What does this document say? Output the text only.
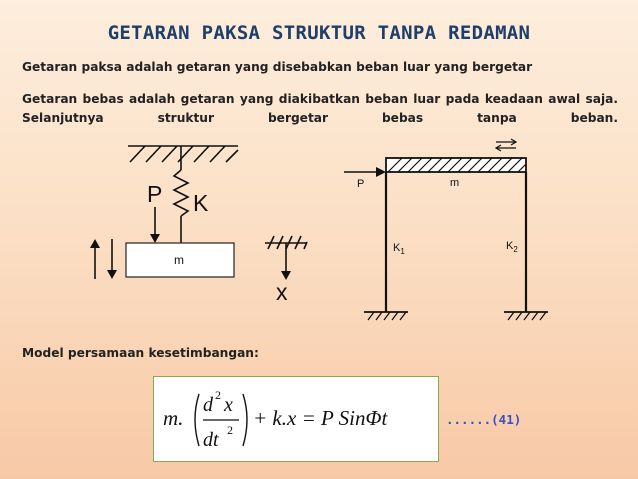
GETARAN PAKSA STRUKTUR TANPA REDAMAN
Getaran paksa adalah getaran yang disebabkan beban luar yang bergetar
Getaran bebas adalah getaran yang diakibatkan beban luar pada keadaan awal saja. Selanjutnya struktur bergetar bebas tanpa beban.
P K
m
x
P	m
$K_1$	$K_2$
Model persamaan kesetimbangan:
m.
d 2 x
dt 2 + k.x = P SinΦt	......(41)
